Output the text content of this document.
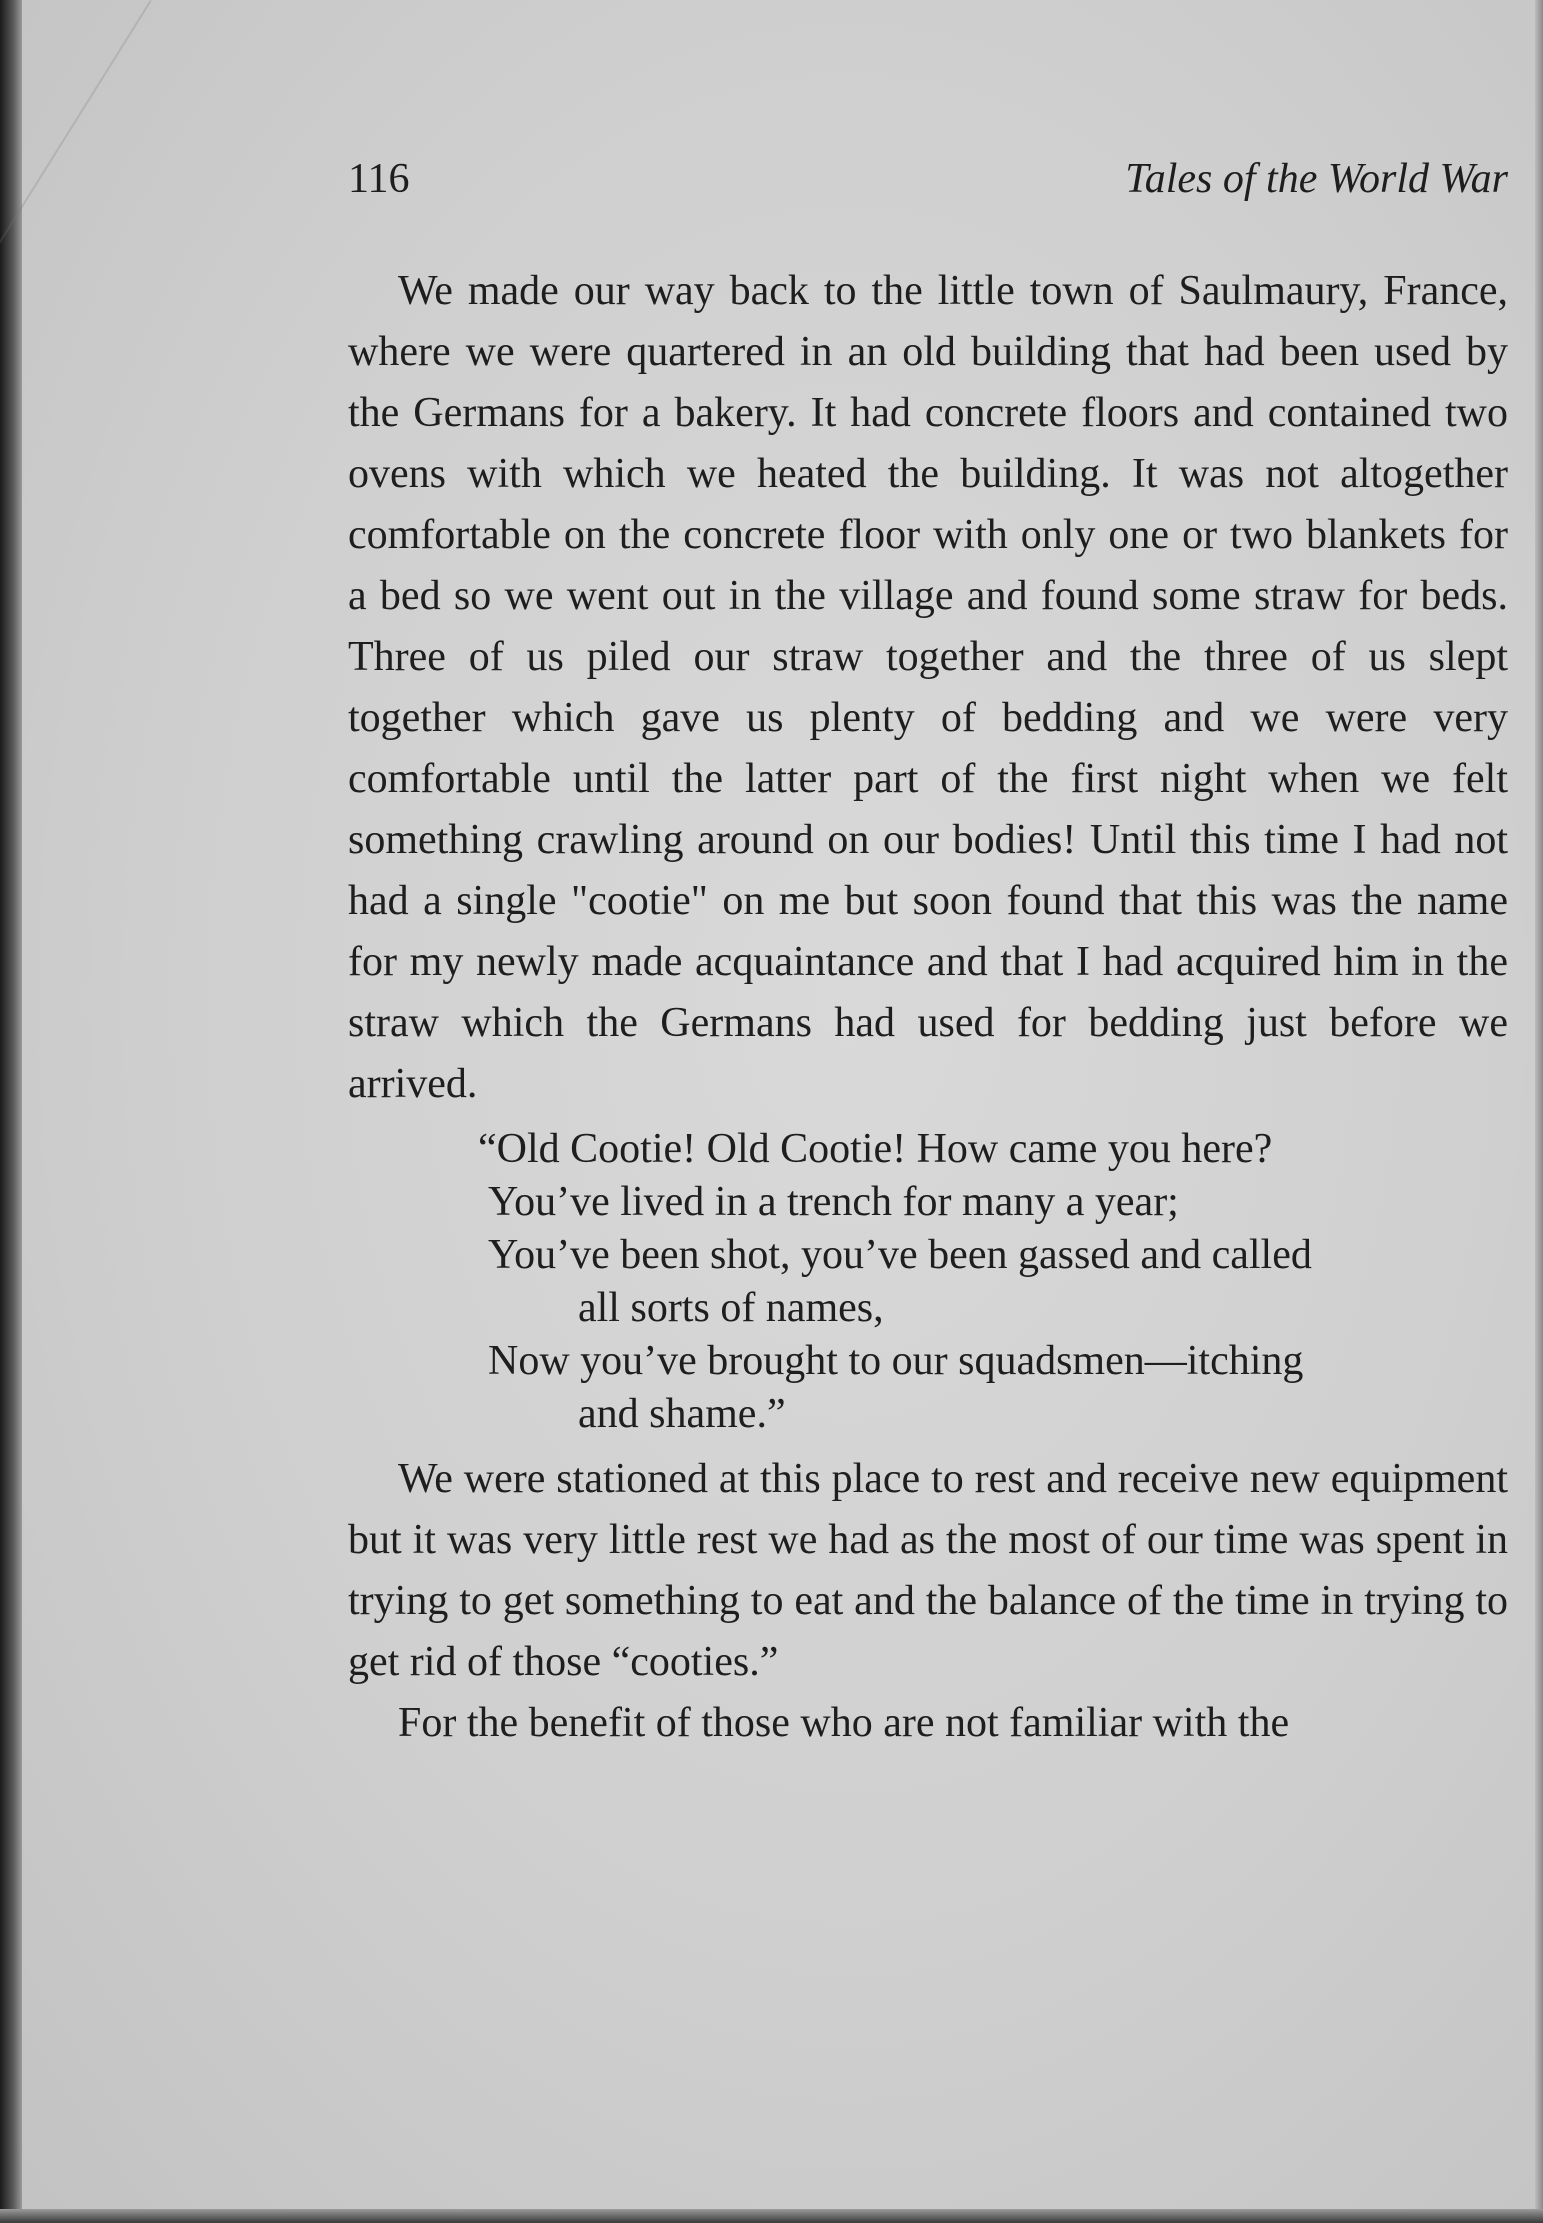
116	Tales of the World War

We made our way back to the little town of Saulmaury, France, where we were quartered in an old building that had been used by the Germans for a bakery. It had concrete floors and contained two ovens with which we heated the building. It was not altogether comfortable on the concrete floor with only one or two blankets for a bed so we went out in the village and found some straw for beds. Three of us piled our straw together and the three of us slept together which gave us plenty of bedding and we were very comfortable until the latter part of the first night when we felt something crawling around on our bodies! Until this time I had not had a single "cootie" on me but soon found that this was the name for my newly made acquaintance and that I had acquired him in the straw which the Germans had used for bedding just before we arrived.

“Old Cootie! Old Cootie! How came you here?

You’ve lived in a trench for many a year;

You’ve been shot, you’ve been gassed and called

all sorts of names,

Now you’ve brought to our squadsmen—itching

and shame.”

We were stationed at this place to rest and receive new equipment but it was very little rest we had as the most of our time was spent in trying to get something to eat and the balance of the time in trying to get rid of those “cooties.”

For the benefit of those who are not familiar with the
